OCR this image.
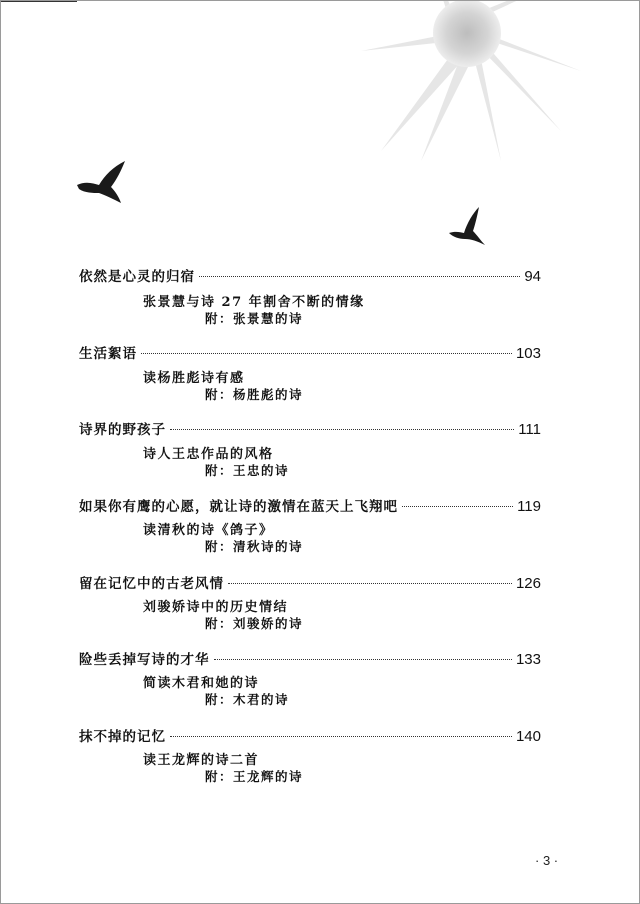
依然是心灵的归宿	94
张景慧与诗 27 年割舍不断的情缘
附：张景慧的诗
生活絮语	103
读杨胜彪诗有感
附：杨胜彪的诗
诗界的野孩子	111
诗人王忠作品的风格
附：王忠的诗
如果你有鹰的心愿，就让诗的激情在蓝天上飞翔吧	119
读清秋的诗《鸽子》
附：清秋诗的诗
留在记忆中的古老风情	126
刘骏娇诗中的历史情结
附：刘骏娇的诗
险些丢掉写诗的才华	133
简读木君和她的诗
附：木君的诗
抹不掉的记忆	140
读王龙辉的诗二首
附：王龙辉的诗
· 3 ·
